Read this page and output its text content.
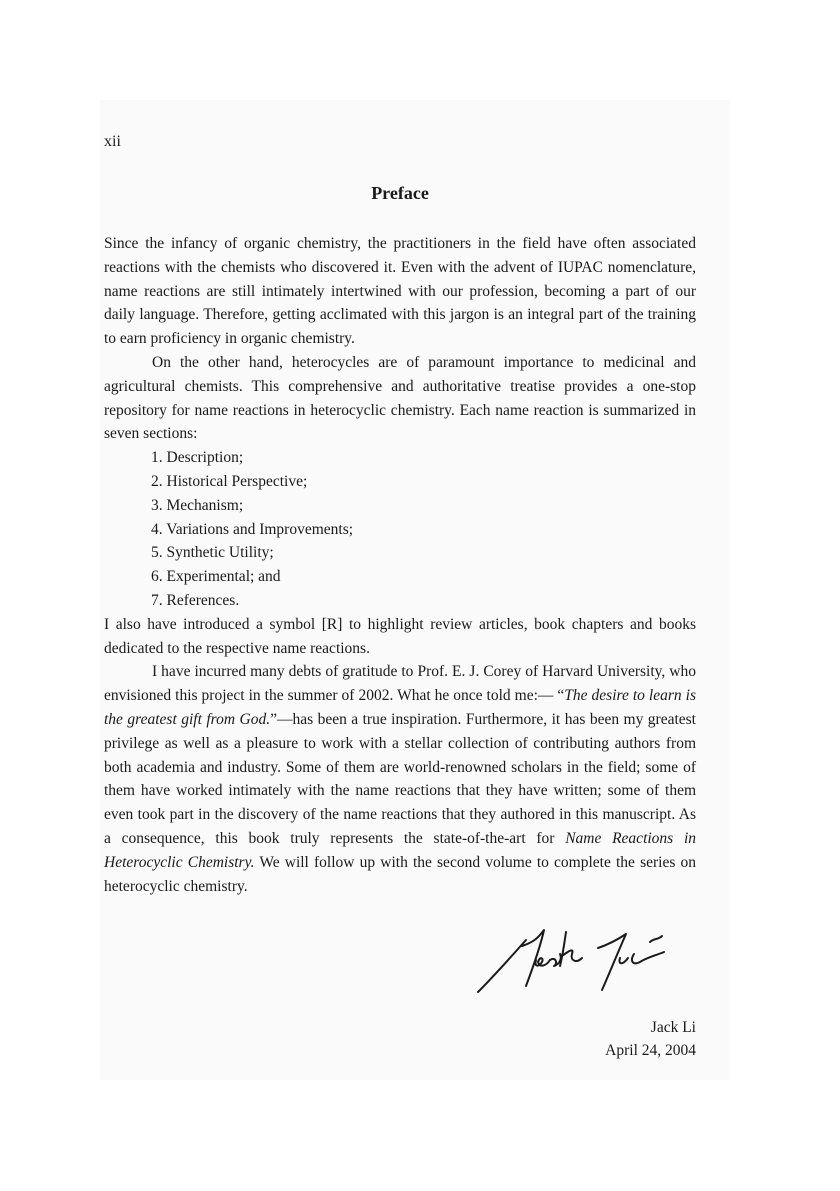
xii
Preface

Since the infancy of organic chemistry, the practitioners in the field have often associated reactions with the chemists who discovered it. Even with the advent of IUPAC nomenclature, name reactions are still intimately intertwined with our profession, becoming a part of our daily language. Therefore, getting acclimated with this jargon is an integral part of the training to earn proficiency in organic chemistry.

On the other hand, heterocycles are of paramount importance to medicinal and agricultural chemists. This comprehensive and authoritative treatise provides a one-stop repository for name reactions in heterocyclic chemistry. Each name reaction is summarized in seven sections:

1. Description;
2. Historical Perspective;
3. Mechanism;
4. Variations and Improvements;
5. Synthetic Utility;
6. Experimental; and
7. References.

I also have introduced a symbol [R] to highlight review articles, book chapters and books dedicated to the respective name reactions.

I have incurred many debts of gratitude to Prof. E. J. Corey of Harvard University, who envisioned this project in the summer of 2002. What he once told me:— “The desire to learn is the greatest gift from God.”—has been a true inspiration. Furthermore, it has been my greatest privilege as well as a pleasure to work with a stellar collection of contributing authors from both academia and industry. Some of them are world-renowned scholars in the field; some of them have worked intimately with the name reactions that they have written; some of them even took part in the discovery of the name reactions that they authored in this manuscript. As a consequence, this book truly represents the state-of-the-art for Name Reactions in Heterocyclic Chemistry. We will follow up with the second volume to complete the series on heterocyclic chemistry.

Jack Li
April 24, 2004
